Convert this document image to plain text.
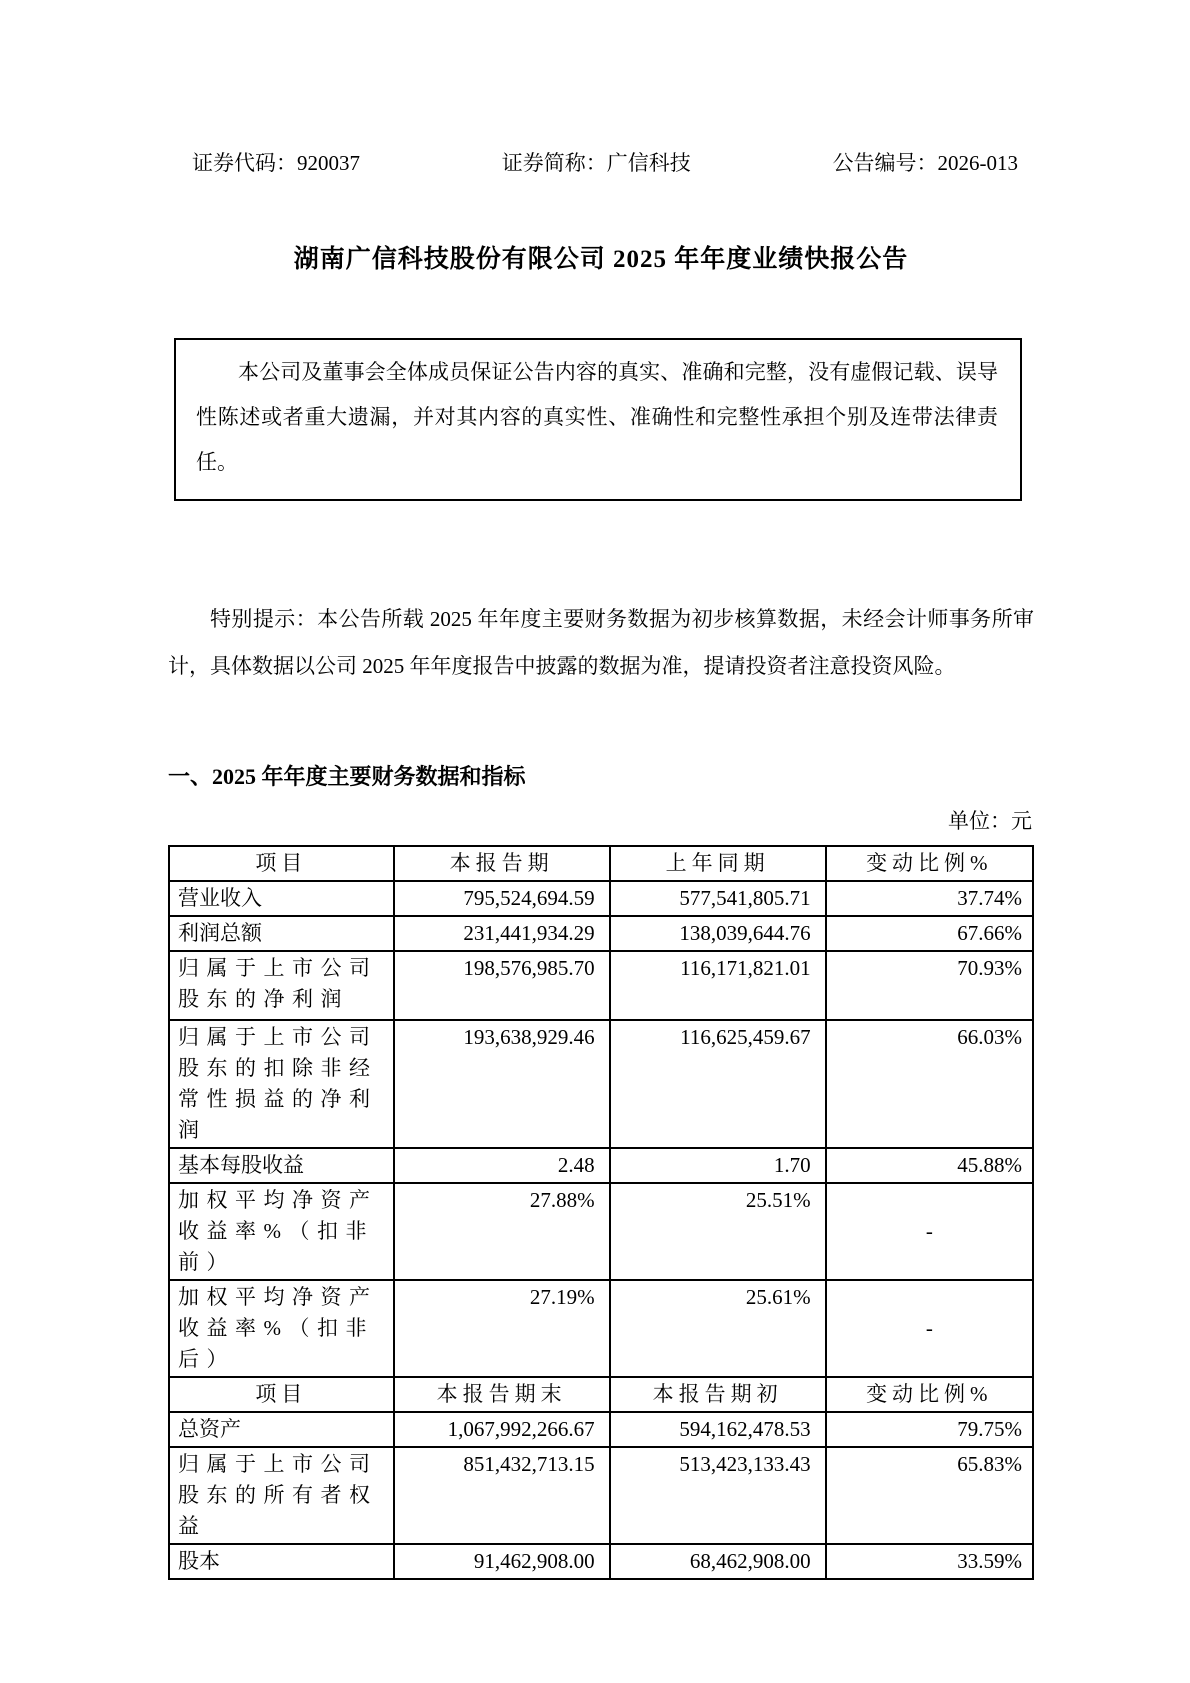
证券代码：920037	证券简称：广信科技	公告编号：2026-013
湖南广信科技股份有限公司 2025 年年度业绩快报公告

本公司及董事会全体成员保证公告内容的真实、准确和完整，没有虚假记载、误导性陈述或者重大遗漏，并对其内容的真实性、准确性和完整性承担个别及连带法律责任。

特别提示：本公告所载 2025 年年度主要财务数据为初步核算数据，未经会计师事务所审计，具体数据以公司 2025 年年度报告中披露的数据为准，提请投资者注意投资风险。

一、2025 年年度主要财务数据和指标
单位：元
项目	本报告期	上年同期	变动比例%
营业收入	795,524,694.59	577,541,805.71	37.74%
利润总额	231,441,934.29	138,039,644.76	67.66%
归属于上市公司股东的净利润	198,576,985.70	116,171,821.01	70.93%
归属于上市公司股东的扣除非经常性损益的净利润	193,638,929.46	116,625,459.67	66.03%
基本每股收益	2.48	1.70	45.88%
加权平均净资产收益率%（扣非前）	27.88%	25.51%	-
加权平均净资产收益率%（扣非后）	27.19%	25.61%	-
项目	本报告期末	本报告期初	变动比例%
总资产	1,067,992,266.67	594,162,478.53	79.75%
归属于上市公司股东的所有者权益	851,432,713.15	513,423,133.43	65.83%
股本	91,462,908.00	68,462,908.00	33.59%
